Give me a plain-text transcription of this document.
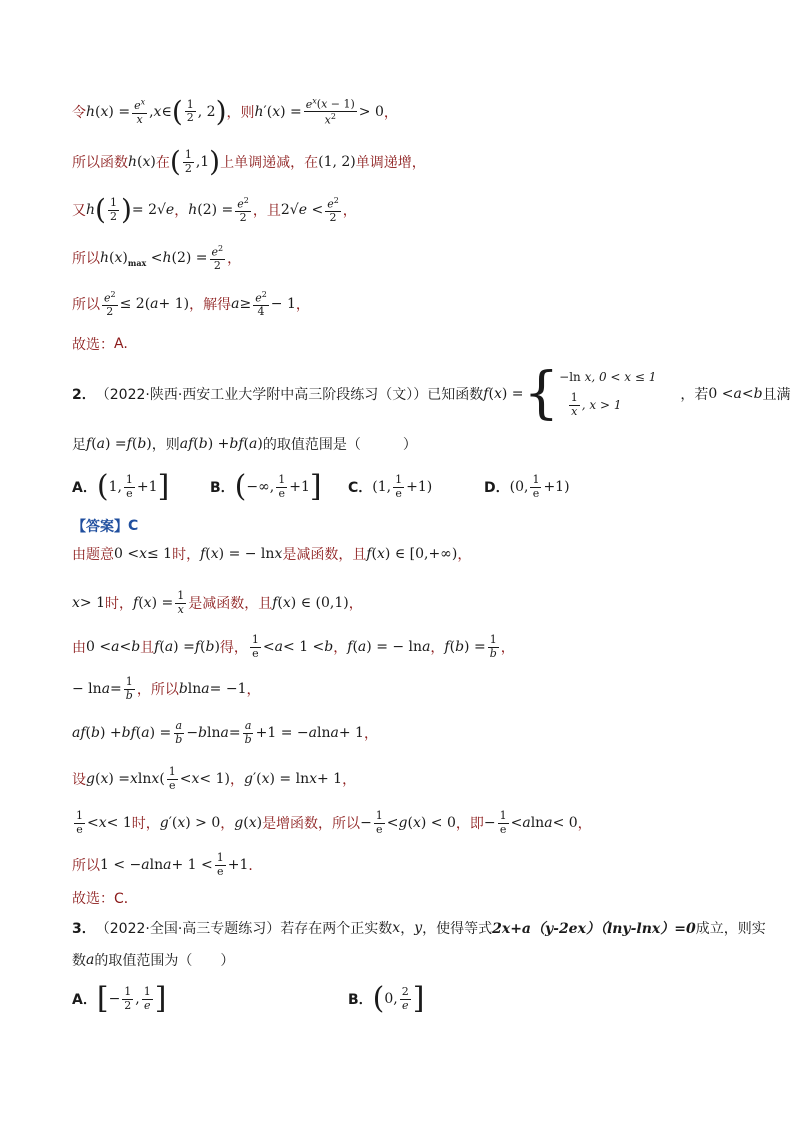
令 h ( x ) = $\frac{e^x}{x}$ , x ∈ ( $\frac{1}{2}$ , 2 ) ，则 h ′( x ) = $\frac{e^x(x - 1)}{x^2} > 0$ ，
所以函数 h ( x ) 在 ( $\frac{1}{2} ,1$ ) 上单调递减，在 (1, 2) 单调递增，
又 h ( $\frac{1}{2}$ ) = 2√e ， h $(2) = \frac{e^2}{2}$ ，且 $2√e < \frac{e^2}{2}$ ，
所以 h ( x )$_{max} < h$ $(2) = \frac{e^2}{2}$ ，
所以 $\frac{e^2}{2} \le 2$( a + 1) ，解得 $a \ge \frac{e^2}{4} - 1$ ，
故选： A.
2． （2022·陕西·西安工业大学附中高三阶段练习（文））已知函数 f ( x ) = { −ln x, 0 < x ≤ 1

$\frac{1}{x}$ , x > 1
，若 0 < a < b 且满
足 f ( a ) = f ( b ) ，则 af ( b ) + bf ( a ) 的取值范围是（　　　）
A． ( 1, $\frac{1}{e} +1$ ]	B． ( −∞, $\frac{1}{e} +1$ ] C． (1, $\frac{1}{e} +1$)	D． (0, $\frac{1}{e} +1$)
【答案】 C
由题意 0 < x ≤ 1 时， f ( x ) = − ln x 是减函数，且 f ( x ) ∈ [0,+∞) ，
x > 1 时， f ( x ) = $\frac{1}{x}$ 是减函数，且 f ( x ) ∈ (0,1) ，
由 0 < a < b 且 f ( a ) = f ( b ) 得， $\frac{1}{e} < a < 1 < b$ ， f ( a ) = − ln a ， f ( b ) = $\frac{1}{b}$ ，
− $\ln a = \frac{1}{b}$ ，所以 b ln a = −1 ，
af ( b ) + bf ( a ) = $\frac{a}{b} - b$ $\ln a = \frac{a}{b} +1$ = − a ln a + 1 ，
设 g ( x ) = x ln x ( $\frac{1}{e} < x < 1$) ， g ′( x ) = ln x + 1 ，
$\frac{1}{e} < x < 1$ 时， g ′( x ) > 0 ， g ( x ) 是增函数，所以 − $\frac{1}{e} < g$ ( x ) < 0 ，即 − $\frac{1}{e} < a$ ln a < 0 ，
所以 1 < − a $\ln a + 1 < \frac{1}{e} +1$ ．
故选： C．
3． （2022·全国·高三专题练习）若存在两个正实数 x ， y ，使得等式 2x+a（y-2ex）（lny-lnx）=0 成立，则实
数 a 的取值范围为（　　）
A． [ − $\frac{1}{2}$ , $\frac{1}{e}$ ]	B． ( 0, $\frac{2}{e}$ ]
